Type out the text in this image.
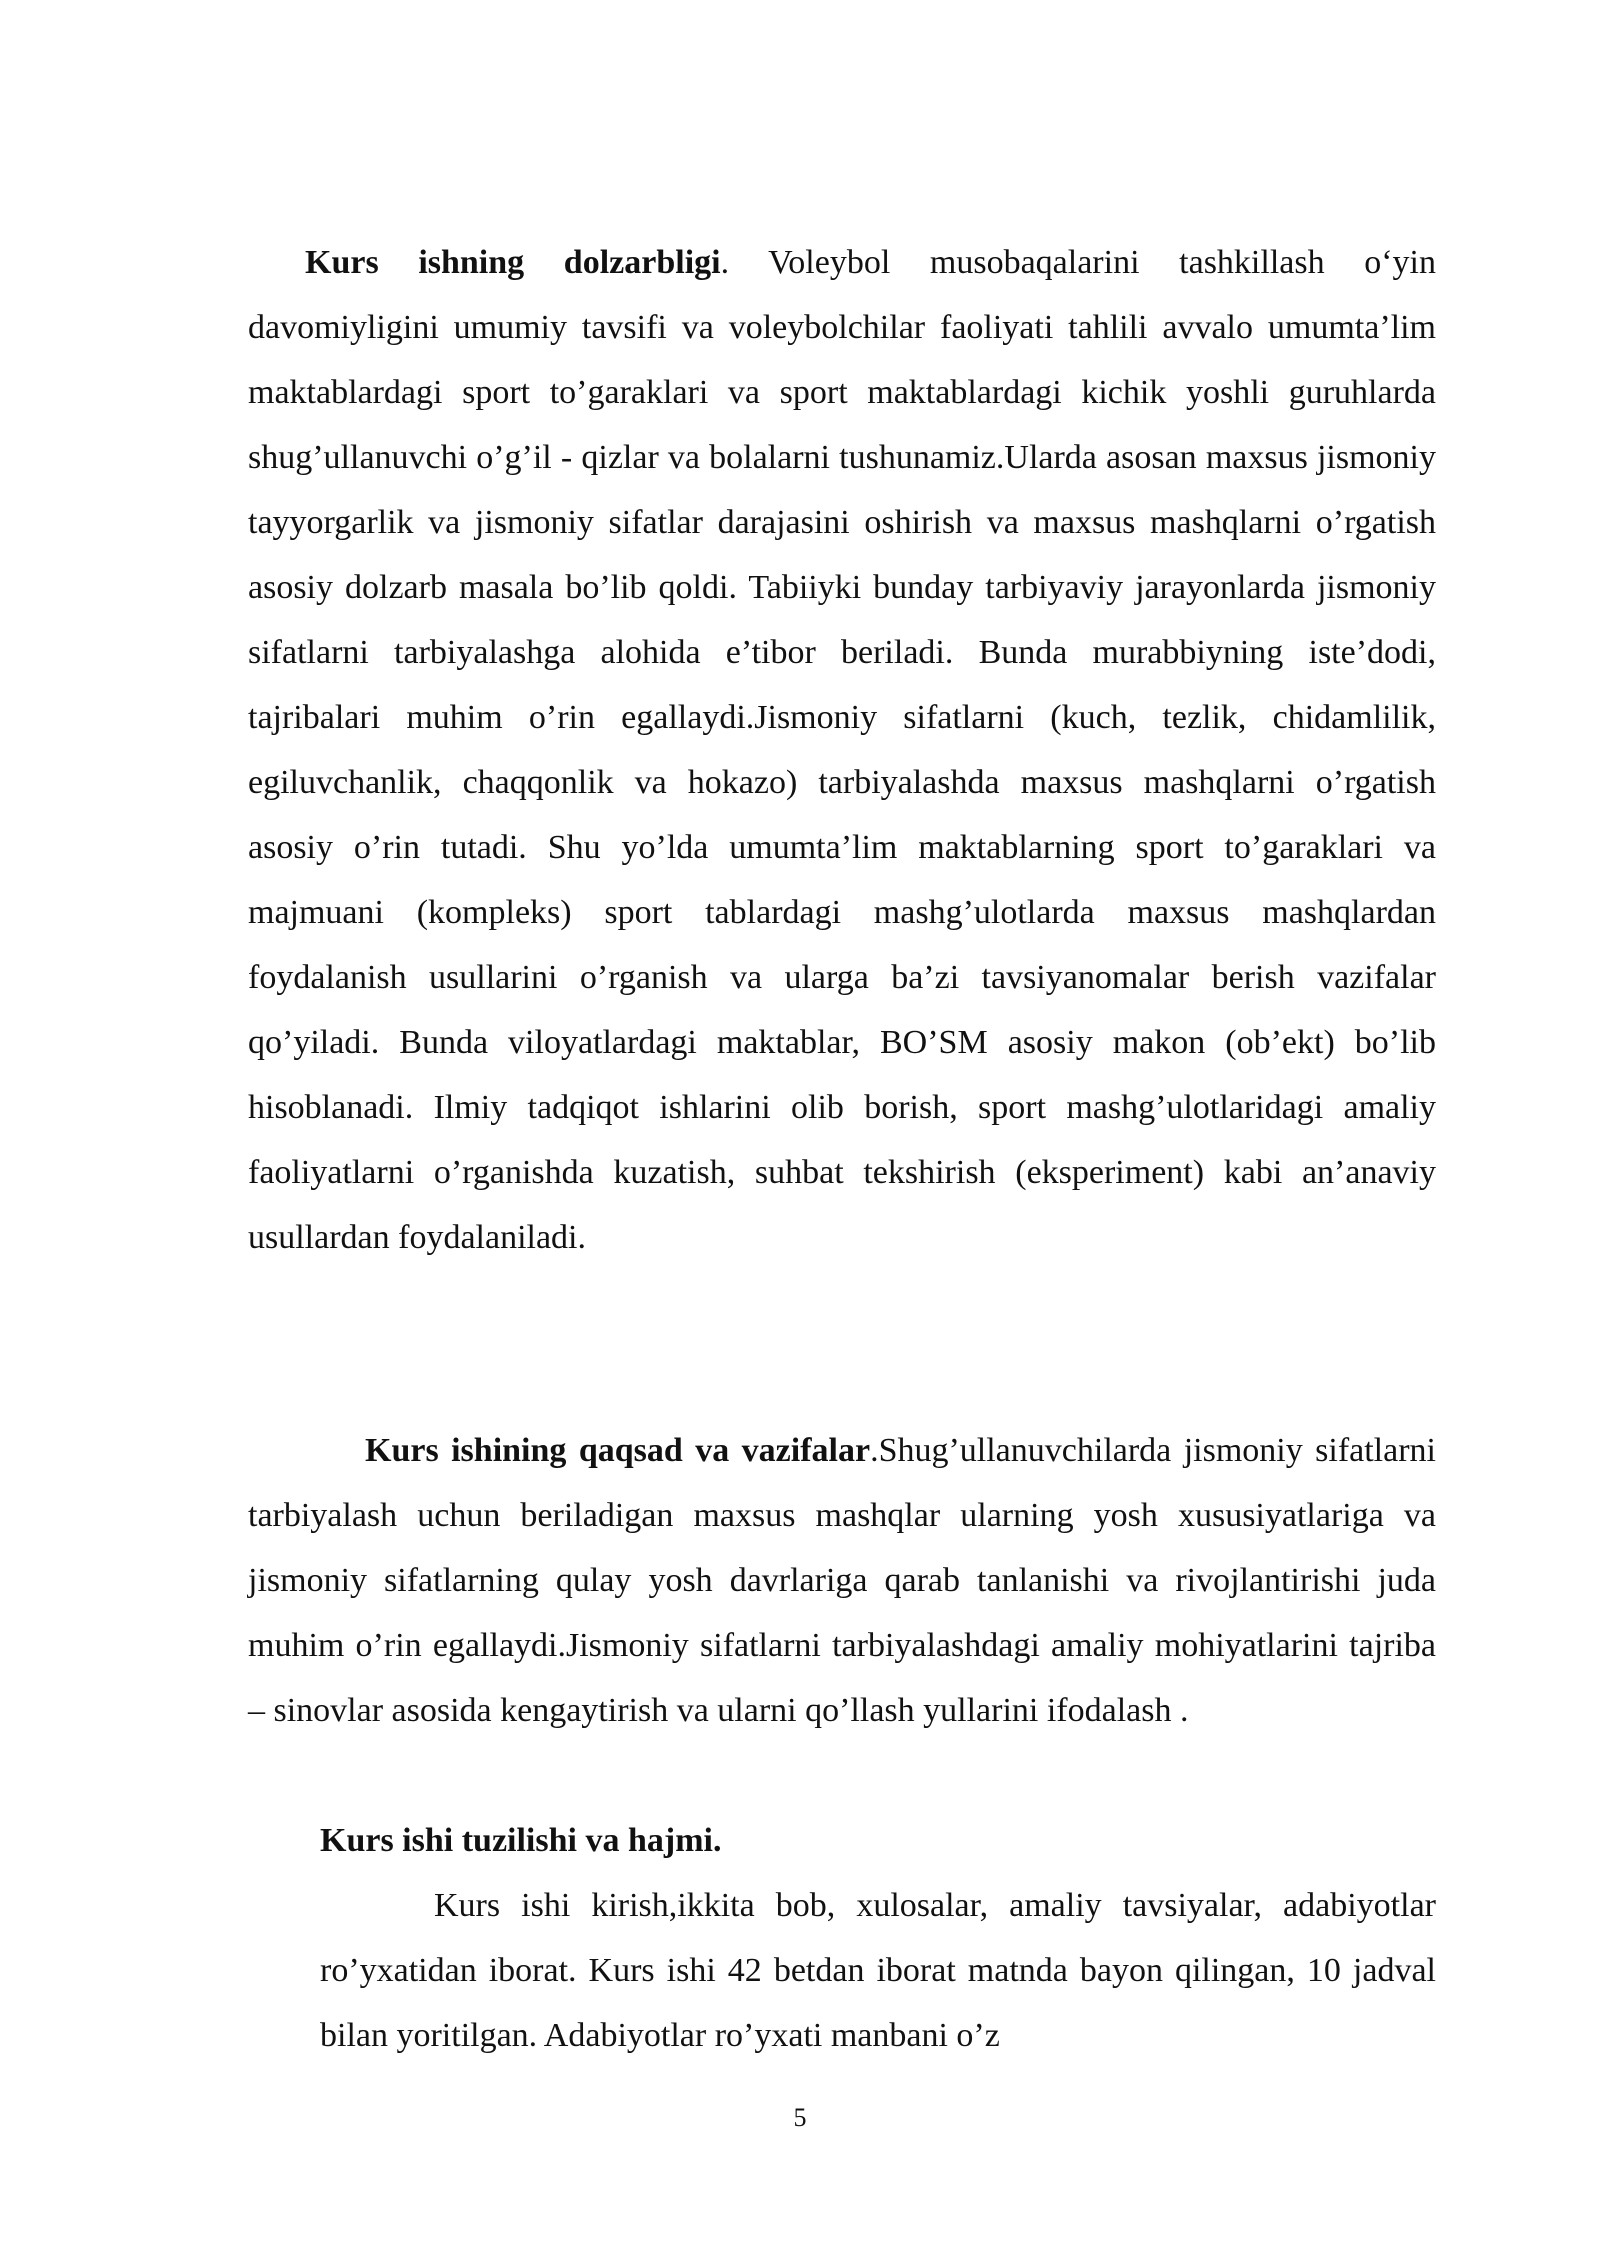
Kurs ishning dolzarbligi. Voleybol musobaqalarini tashkillash o‘yin davomiyligini umumiy tavsifi va voleybolchilar faoliyati tahlili avvalo umumta’lim maktablardagi sport to’garaklari va sport maktablardagi kichik yoshli guruhlarda shug’ullanuvchi o’g’il - qizlar va bolalarni tushunamiz.Ularda asosan maxsus jismoniy tayyorgarlik va jismoniy sifatlar darajasini oshirish va maxsus mashqlarni o’rgatish asosiy dolzarb masala bo’lib qoldi. Tabiiyki bunday tarbiyaviy jarayonlarda jismoniy sifatlarni tarbiyalashga alohida e’tibor beriladi. Bunda murabbiyning iste’dodi, tajribalari muhim o’rin egallaydi.Jismoniy sifatlarni (kuch, tezlik, chidamlilik, egiluvchanlik, chaqqonlik va hokazo) tarbiyalashda maxsus mashqlarni o’rgatish asosiy o’rin tutadi. Shu yo’lda umumta’lim maktablarning sport to’garaklari va majmuani (kompleks) sport tablardagi mashg’ulotlarda maxsus mashqlardan foydalanish usullarini o’rganish va ularga ba’zi tavsiyanomalar berish vazifalar qo’yiladi. Bunda viloyatlardagi maktablar, BO’SM asosiy makon (ob’ekt) bo’lib hisoblanadi. Ilmiy tadqiqot ishlarini olib borish, sport mashg’ulotlaridagi amaliy faoliyatlarni o’rganishda kuzatish, suhbat tekshirish (eksperiment) kabi an’anaviy usullardan foydalaniladi.

Kurs ishining qaqsad va vazifalar.Shug’ullanuvchilarda jismoniy sifatlarni tarbiyalash uchun beriladigan maxsus mashqlar ularning yosh xususiyatlariga va jismoniy sifatlarning qulay yosh davrlariga qarab tanlanishi va rivojlantirishi juda muhim o’rin egallaydi.Jismoniy sifatlarni tarbiyalashdagi amaliy mohiyatlarini tajriba – sinovlar asosida kengaytirish va ularni qo’llash yullarini ifodalash .

Kurs ishi tuzilishi va hajmi.

Kurs ishi kirish,ikkita bob, xulosalar, amaliy tavsiyalar, adabiyotlar ro’yxatidan iborat. Kurs ishi 42 betdan iborat matnda bayon qilingan, 10 jadval bilan yoritilgan. Adabiyotlar ro’yxati manbani o’z

5
